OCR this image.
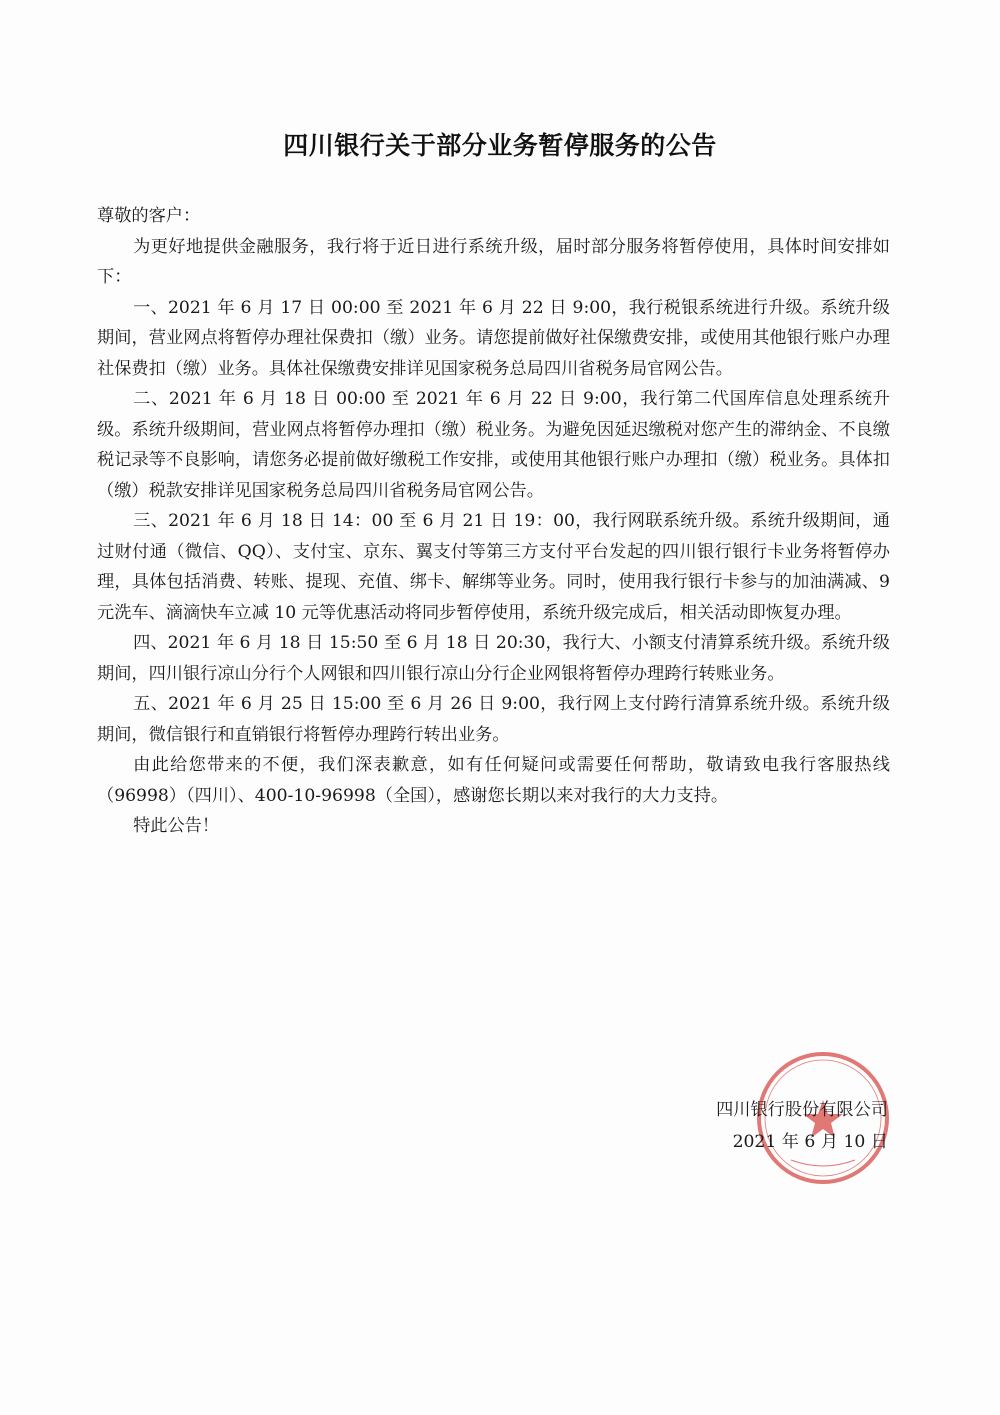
四川银行关于部分业务暂停服务的公告

尊敬的客户：

为更好地提供金融服务，我行将于近日进行系统升级，届时部分服务将暂停使用，具体时间安排如下：

一、2021 年 6 月 17 日 00:00 至 2021 年 6 月 22 日 9:00，我行税银系统进行升级。系统升级期间，营业网点将暂停办理社保费扣（缴）业务。请您提前做好社保缴费安排，或使用其他银行账户办理社保费扣（缴）业务。具体社保缴费安排详见国家税务总局四川省税务局官网公告。

二、2021 年 6 月 18 日 00:00 至 2021 年 6 月 22 日 9:00，我行第二代国库信息处理系统升级。系统升级期间，营业网点将暂停办理扣（缴）税业务。为避免因延迟缴税对您产生的滞纳金、不良缴税记录等不良影响，请您务必提前做好缴税工作安排，或使用其他银行账户办理扣（缴）税业务。具体扣（缴）税款安排详见国家税务总局四川省税务局官网公告。

三、2021 年 6 月 18 日 14：00 至 6 月 21 日 19：00，我行网联系统升级。系统升级期间，通过财付通（微信、QQ）、支付宝、京东、翼支付等第三方支付平台发起的四川银行银行卡业务将暂停办理，具体包括消费、转账、提现、充值、绑卡、解绑等业务。同时，使用我行银行卡参与的加油满减、9 元洗车、滴滴快车立减 10 元等优惠活动将同步暂停使用，系统升级完成后，相关活动即恢复办理。

四、2021 年 6 月 18 日 15:50 至 6 月 18 日 20:30，我行大、小额支付清算系统升级。系统升级期间，四川银行凉山分行个人网银和四川银行凉山分行企业网银将暂停办理跨行转账业务。

五、2021 年 6 月 25 日 15:00 至 6 月 26 日 9:00，我行网上支付跨行清算系统升级。系统升级期间，微信银行和直销银行将暂停办理跨行转出业务。

由此给您带来的不便，我们深表歉意，如有任何疑问或需要任何帮助，敬请致电我行客服热线（96998）（四川）、400-10-96998（全国），感谢您长期以来对我行的大力支持。

特此公告！

四川银行股份有限公司
2021 年 6 月 10 日
